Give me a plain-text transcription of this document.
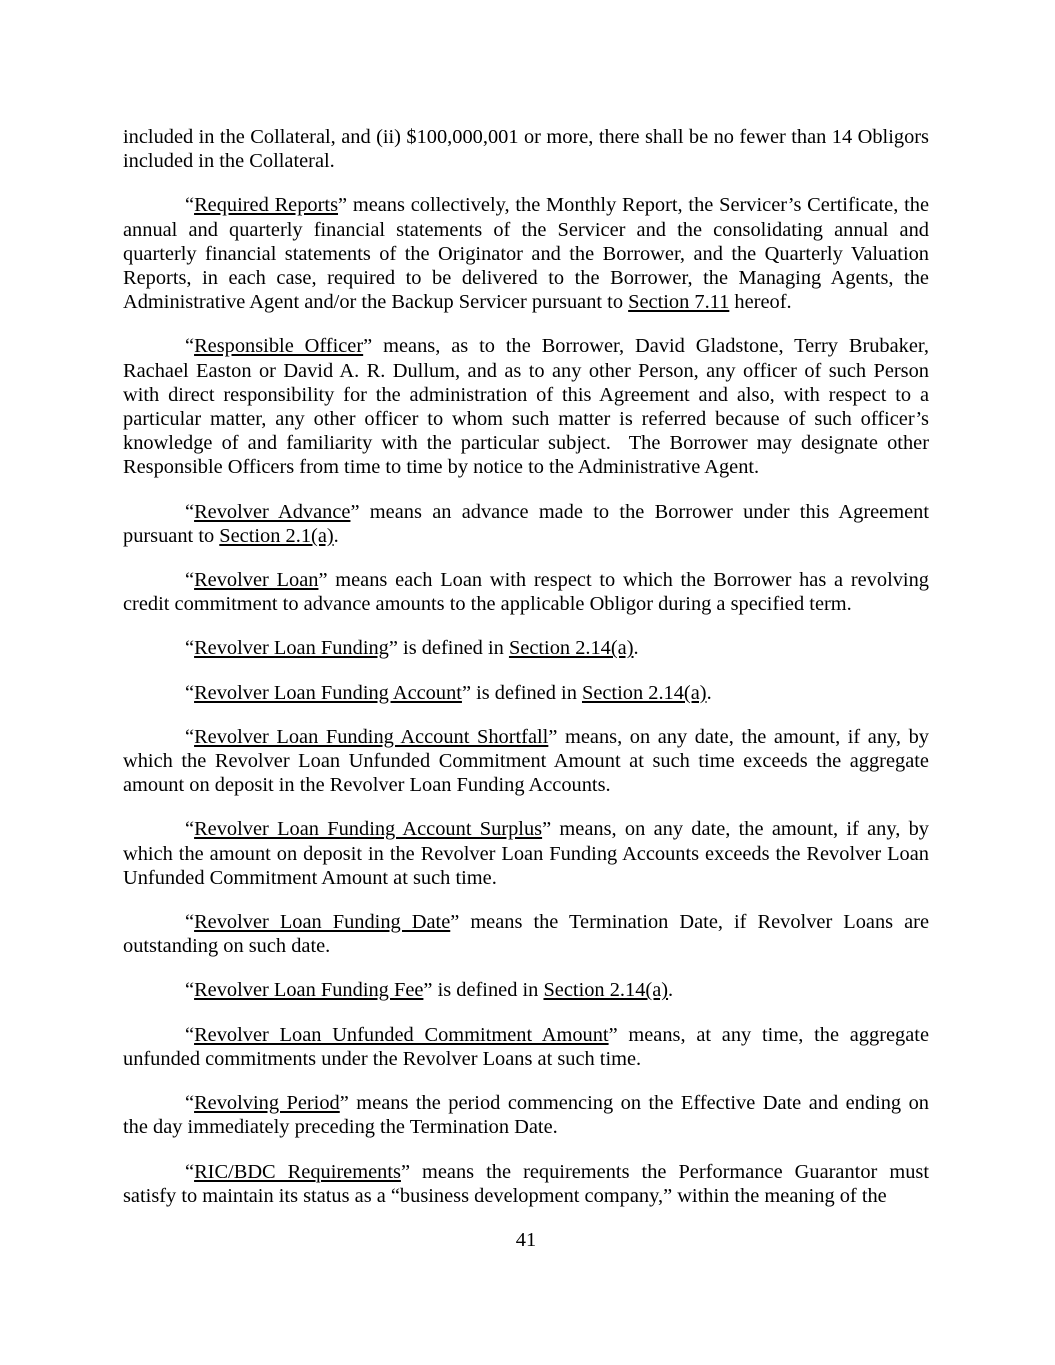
included in the Collateral, and (ii) $100,000,001 or more, there shall be no fewer than 14 Obligors included in the Collateral.

“Required Reports” means collectively, the Monthly Report, the Servicer’s Certificate, the annual and quarterly financial statements of the Servicer and the consolidating annual and quarterly financial statements of the Originator and the Borrower, and the Quarterly Valuation Reports, in each case, required to be delivered to the Borrower, the Managing Agents, the Administrative Agent and/or the Backup Servicer pursuant to Section 7.11 hereof.

“Responsible Officer” means, as to the Borrower, David Gladstone, Terry Brubaker, Rachael Easton or David A. R. Dullum, and as to any other Person, any officer of such Person with direct responsibility for the administration of this Agreement and also, with respect to a particular matter, any other officer to whom such matter is referred because of such officer’s knowledge of and familiarity with the particular subject.  The Borrower may designate other Responsible Officers from time to time by notice to the Administrative Agent.

“Revolver Advance” means an advance made to the Borrower under this Agreement pursuant to Section 2.1(a).

“Revolver Loan” means each Loan with respect to which the Borrower has a revolving credit commitment to advance amounts to the applicable Obligor during a specified term.

“Revolver Loan Funding” is defined in Section 2.14(a).

“Revolver Loan Funding Account” is defined in Section 2.14(a).

“Revolver Loan Funding Account Shortfall” means, on any date, the amount, if any, by which the Revolver Loan Unfunded Commitment Amount at such time exceeds the aggregate amount on deposit in the Revolver Loan Funding Accounts.

“Revolver Loan Funding Account Surplus” means, on any date, the amount, if any, by which the amount on deposit in the Revolver Loan Funding Accounts exceeds the Revolver Loan Unfunded Commitment Amount at such time.

“Revolver Loan Funding Date” means the Termination Date, if Revolver Loans are outstanding on such date.

“Revolver Loan Funding Fee” is defined in Section 2.14(a).

“Revolver Loan Unfunded Commitment Amount” means, at any time, the aggregate unfunded commitments under the Revolver Loans at such time.

“Revolving Period” means the period commencing on the Effective Date and ending on the day immediately preceding the Termination Date.

“RIC/BDC Requirements” means the requirements the Performance Guarantor must satisfy to maintain its status as a “business development company,” within the meaning of the

41
